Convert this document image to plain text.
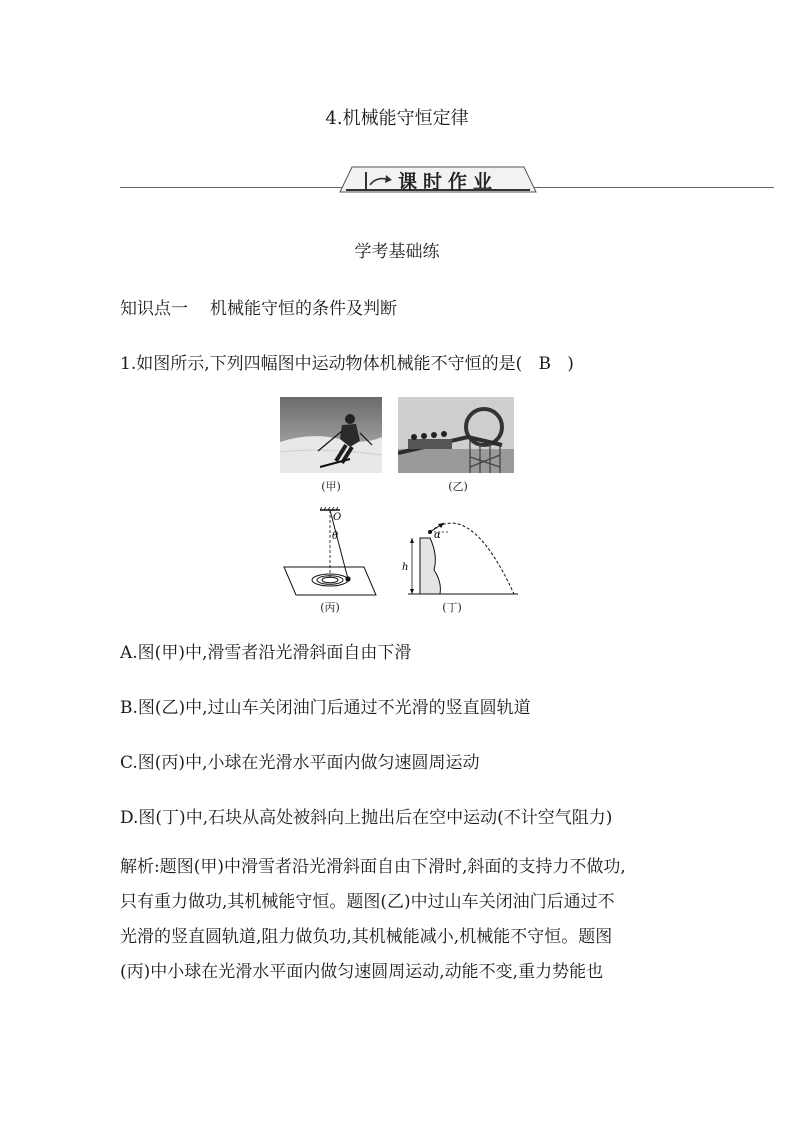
4.机械能守恒定律
课时作业
学考基础练
知识点一 机械能守恒的条件及判断
1.如图所示,下列四幅图中运动物体机械能不守恒的是( B )
(甲)	(乙)
O
θ
(丙)
α
h
(丁)
A.图(甲)中,滑雪者沿光滑斜面自由下滑
B.图(乙)中,过山车关闭油门后通过不光滑的竖直圆轨道
C.图(丙)中,小球在光滑水平面内做匀速圆周运动
D.图(丁)中,石块从高处被斜向上抛出后在空中运动(不计空气阻力)
解析:题图(甲)中滑雪者沿光滑斜面自由下滑时,斜面的支持力不做功,
只有重力做功,其机械能守恒。题图(乙)中过山车关闭油门后通过不
光滑的竖直圆轨道,阻力做负功,其机械能减小,机械能不守恒。题图
(丙)中小球在光滑水平面内做匀速圆周运动,动能不变,重力势能也
